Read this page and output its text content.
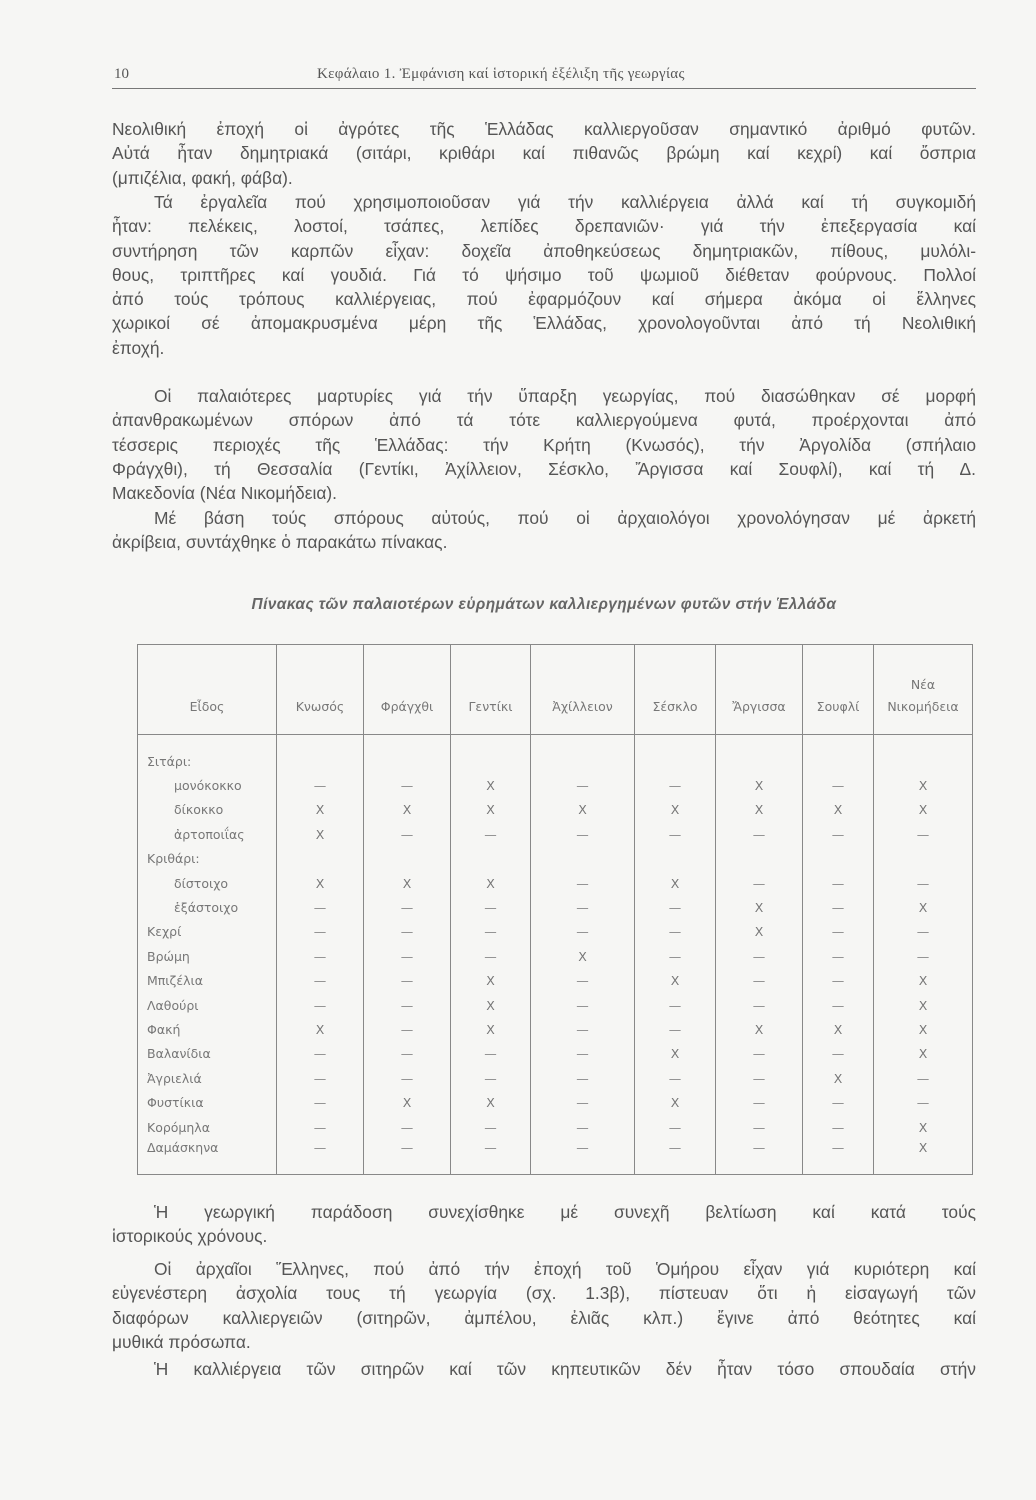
10	Κεφάλαιο 1. Ἐμφάνιση καί ἱστορική ἐξέλιξη τῆς γεωργίας
Νεολιθική ἐποχή οἱ ἀγρότες τῆς Ἑλλάδας καλλιεργοῦσαν σημαντικό ἀριθμό φυτῶν.
Αὐτά ἦταν δημητριακά (σιτάρι, κριθάρι καί πιθανῶς βρώμη καί κεχρί) καί ὄσπρια
(μπιζέλια, φακή, φάβα).
Τά ἐργαλεῖα πού χρησιμοποιοῦσαν γιά τήν καλλιέργεια ἀλλά καί τή συγκομιδή
ἦταν: πελέκεις, λοστοί, τσάπες, λεπίδες δρεπανιῶν· γιά τήν ἐπεξεργασία καί
συντήρηση τῶν καρπῶν εἶχαν: δοχεῖα ἀποθηκεύσεως δημητριακῶν, πίθους, μυλόλι-
θους, τριπτῆρες καί γουδιά. Γιά τό ψήσιμο τοῦ ψωμιοῦ διέθεταν φούρνους. Πολλοί
ἀπό τούς τρόπους καλλιέργειας, πού ἐφαρμόζουν καί σήμερα ἀκόμα οἱ ἕλληνες
χωρικοί σέ ἀπομακρυσμένα μέρη τῆς Ἑλλάδας, χρονολογοῦνται ἀπό τή Νεολιθική
ἐποχή.
Οἱ παλαιότερες μαρτυρίες γιά τήν ὕπαρξη γεωργίας, πού διασώθηκαν σέ μορφή
ἀπανθρακωμένων σπόρων ἀπό τά τότε καλλιεργούμενα φυτά, προέρχονται ἀπό
τέσσερις περιοχές τῆς Ἑλλάδας: τήν Κρήτη (Κνωσός), τήν Ἀργολίδα (σπήλαιο
Φράγχθι), τή Θεσσαλία (Γεντίκι, Ἀχίλλειον, Σέσκλο, Ἄργισσα καί Σουφλί), καί τή Δ.
Μακεδονία (Νέα Νικομήδεια).
Μέ βάση τούς σπόρους αὐτούς, πού οἱ ἀρχαιολόγοι χρονολόγησαν μέ ἀρκετή
ἀκρίβεια, συντάχθηκε ὁ παρακάτω πίνακας.
Πίνακας τῶν παλαιοτέρων εὑρημάτων καλλιεργημένων φυτῶν στήν Ἑλλάδα
Εἶδος	Κνωσός	Φράγχθι	Γεντίκι	Ἀχίλλειον	Σέσκλο	Ἄργισσα	Σουφλί	Νέα
Νικομήδεια

Σιτάρι:								
μονόκοκκο	—	—	X	—	—	X	—	X
δίκοκκο	X	X	X	X	X	X	X	X
ἀρτοποιΐας	X	—	—	—	—	—	—	—
Κριθάρι:								
δίστοιχο	X	X	X	—	X	—	—	—
ἑξάστοιχο	—	—	—	—	—	X	—	X
Κεχρί	—	—	—	—	—	X	—	—
Βρώμη	—	—	—	X	—	—	—	—
Μπιζέλια	—	—	X	—	X	—	—	X
Λαθούρι	—	—	X	—	—	—	—	X
Φακή	X	—	X	—	—	X	X	X
Βαλανίδια	—	—	—	—	X	—	—	X
Ἀγριελιά	—	—	—	—	—	—	X	—
Φυστίκια	—	X	X	—	X	—	—	—
Κορόμηλα	—	—	—	—	—	—	—	X
Δαμάσκηνα	—	—	—	—	—	—	—	X
Ἡ γεωργική παράδοση συνεχίσθηκε μέ συνεχῆ βελτίωση καί κατά τούς
ἱστορικούς χρόνους.
Οἱ ἀρχαῖοι Ἕλληνες, πού ἀπό τήν ἐποχή τοῦ Ὁμήρου εἶχαν γιά κυριότερη καί
εὐγενέστερη ἀσχολία τους τή γεωργία (σχ. 1.3β), πίστευαν ὅτι ἡ εἰσαγωγή τῶν
διαφόρων καλλιεργειῶν (σιτηρῶν, ἀμπέλου, ἐλιᾶς κλπ.) ἔγινε ἀπό θεότητες καί
μυθικά πρόσωπα.
Ἡ καλλιέργεια τῶν σιτηρῶν καί τῶν κηπευτικῶν δέν ἦταν τόσο σπουδαία στήν
